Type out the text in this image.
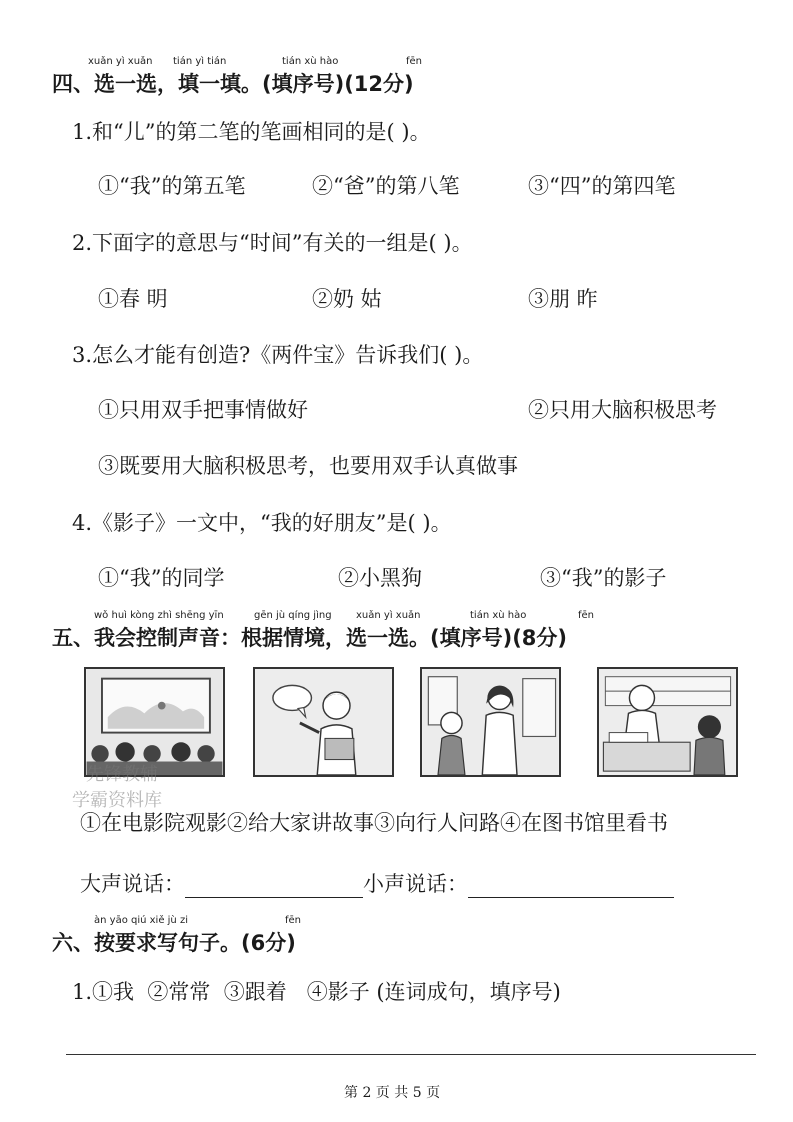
xuǎn yì xuǎn tián yì tián	tián xù hào	fēn
四、选一选，填一填。(填序号)(12分)
1.和“儿”的第二笔的笔画相同的是( )。
①“我”的第五笔	②“爸”的第八笔	③“四”的第四笔
2.下面字的意思与“时间”有关的一组是( )。
①春 明	②奶 姑	③朋 昨
3.怎么才能有创造?《两件宝》告诉我们( )。
①只用双手把事情做好	②只用大脑积极思考
③既要用大脑积极思考，也要用双手认真做事
4.《影子》一文中，“我的好朋友”是( )。
①“我”的同学	②小黑狗	③“我”的影子
wǒ huì kòng zhì shēng yīn	gēn jù qíng jìng xuǎn yì xuǎn	tián xù hào	fēn
五、我会控制声音：根据情境，选一选。(填序号)(8分)
先锋教辅
学霸资料库
①在电影院观影②给大家讲故事③向行人问路④在图书馆里看书
大声说话：	小声说话：
àn yāo qiú xiě jù zi	fēn
六、按要求写句子。(6分)
1.①我  ②常常  ③跟着   ④影子 (连词成句，填序号)
第 2 页 共 5 页
